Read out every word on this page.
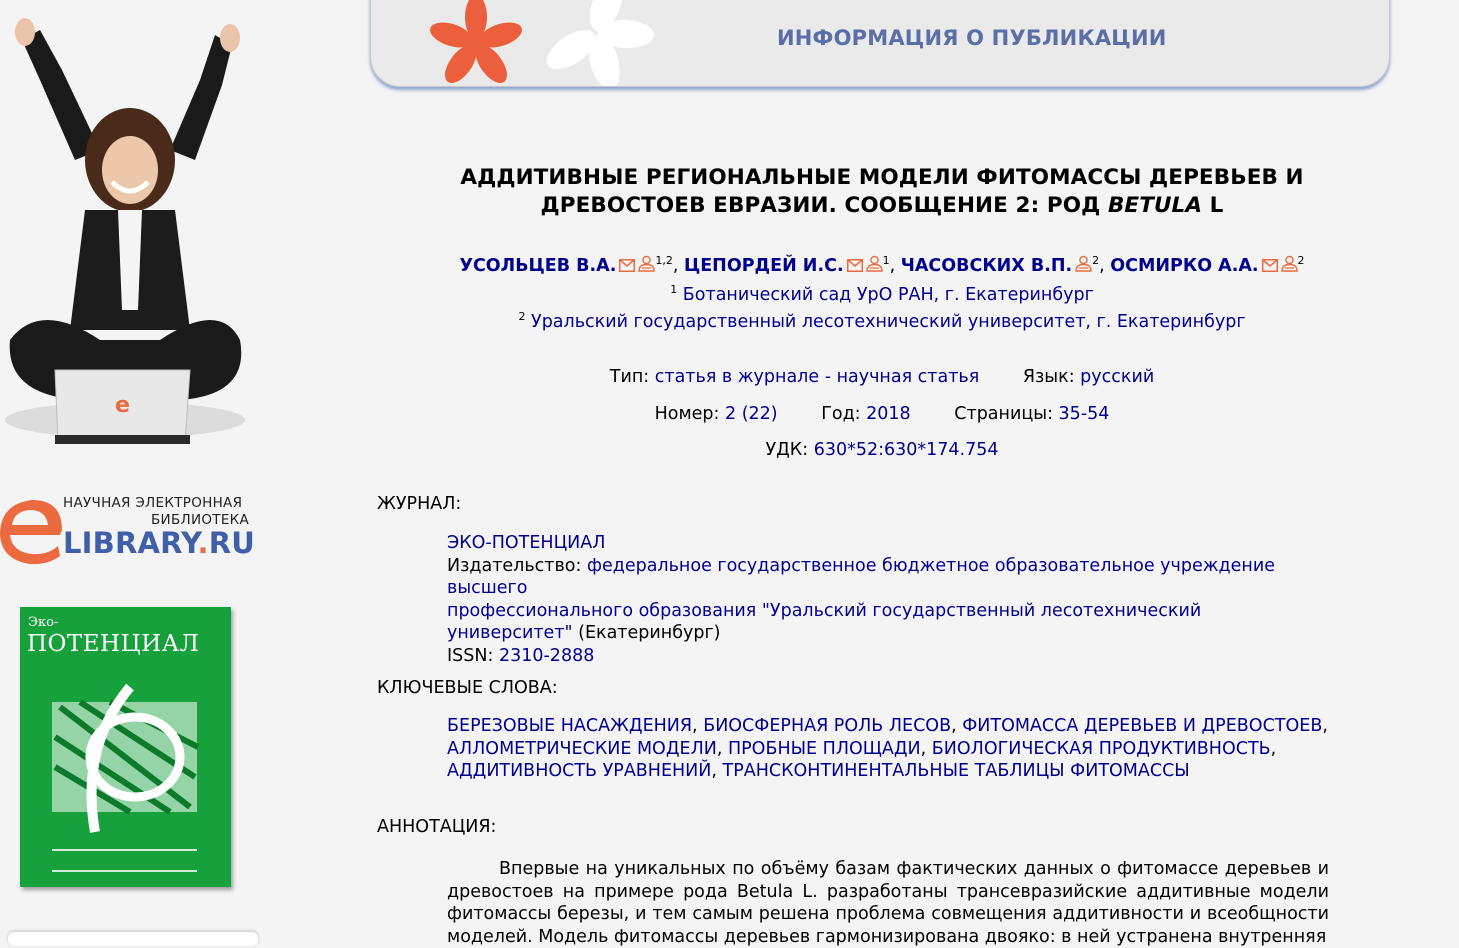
e
НАУЧНАЯ ЭЛЕКТРОННАЯ
БИБЛИОТЕКА
LIBRARY.RU
Эко-
ПОТЕНЦИАЛ
ИНФОРМАЦИЯ О ПУБЛИКАЦИИ
АДДИТИВНЫЕ РЕГИОНАЛЬНЫЕ МОДЕЛИ ФИТОМАССЫ ДЕРЕВЬЕВ И
ДРЕВОСТОЕВ ЕВРАЗИИ. СООБЩЕНИЕ 2: РОД BETULA L
УСОЛЬЦЕВ В.А.	$^{1,2}$, ЦЕПОРДЕЙ И.С.	$^1$, ЧАСОВСКИХ В.П. $^2$, ОСМИРКО А.А.	$^2$
$^1$ Ботанический сад УрО РАН, г. Екатеринбург
$^2$ Уральский государственный лесотехнический университет, г. Екатеринбург
Тип: статья в журнале - научная статья Язык: русский
Номер: 2 (22) Год: 2018 Страницы: 35-54
УДК: 630*52:630*174.754
ЖУРНАЛ:
ЭКО-ПОТЕНЦИАЛ
Издательство: федеральное государственное бюджетное образовательное учреждение высшего
профессионального образования "Уральский государственный лесотехнический
университет" (Екатеринбург)
ISSN: 2310-2888
КЛЮЧЕВЫЕ СЛОВА:
БЕРЕЗОВЫЕ НАСАЖДЕНИЯ, БИОСФЕРНАЯ РОЛЬ ЛЕСОВ, ФИТОМАССА ДЕРЕВЬЕВ И ДРЕВОСТОЕВ,
АЛЛОМЕТРИЧЕСКИЕ МОДЕЛИ, ПРОБНЫЕ ПЛОЩАДИ, БИОЛОГИЧЕСКАЯ ПРОДУКТИВНОСТЬ,
АДДИТИВНОСТЬ УРАВНЕНИЙ, ТРАНСКОНТИНЕНТАЛЬНЫЕ ТАБЛИЦЫ ФИТОМАССЫ
АННОТАЦИЯ:
Впервые на уникальных по объёму базам фактических данных о фитомассе деревьев и древостоев на примере рода Betula L. разработаны трансевразийские аддитивные модели фитомассы березы, и тем самым решена проблема совмещения аддитивности и всеобщности моделей. Модель фитомассы деревьев гармонизирована двояко: в ней устранена внутренняя
